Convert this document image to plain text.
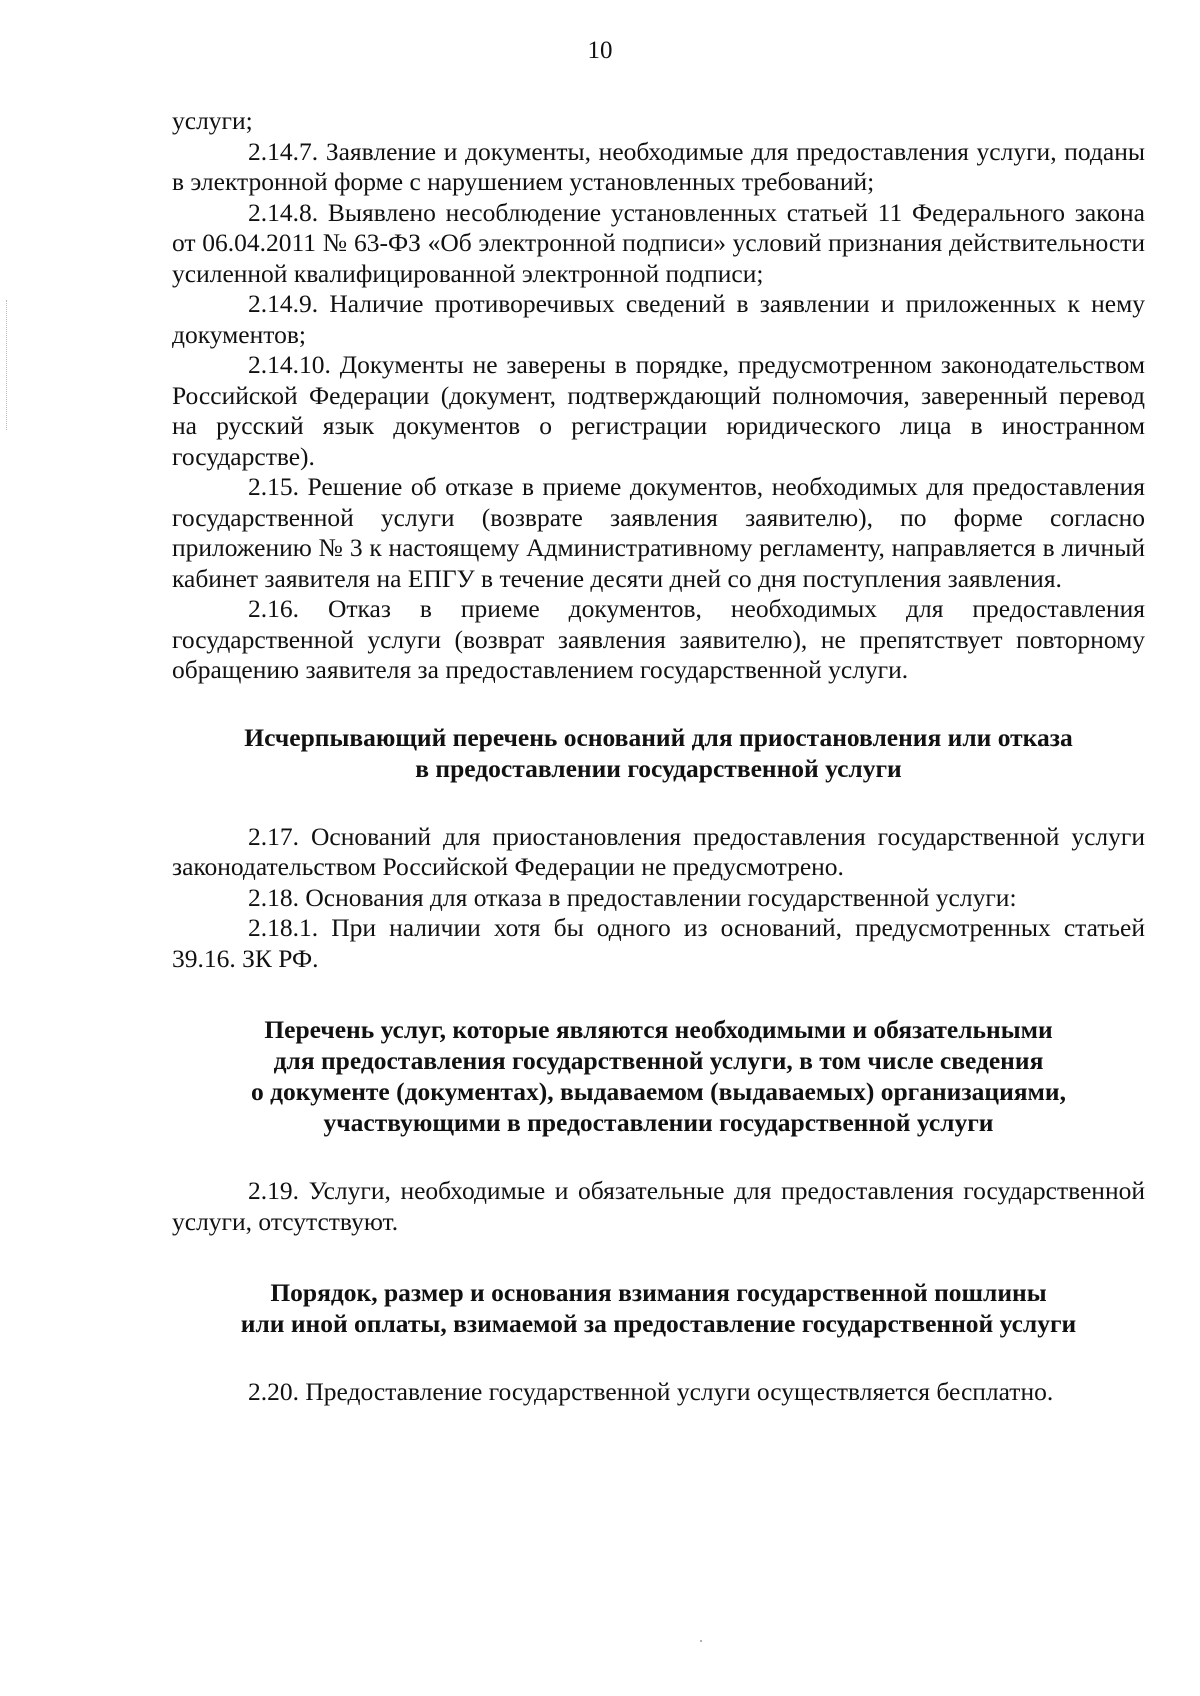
10

услуги;

2.14.7. Заявление и документы, необходимые для предоставления услуги, поданы в электронной форме с нарушением установленных требований;

2.14.8. Выявлено несоблюдение установленных статьей 11 Федерального закона от 06.04.2011 № 63-ФЗ «Об электронной подписи» условий признания действительности усиленной квалифицированной электронной подписи;

2.14.9. Наличие противоречивых сведений в заявлении и приложенных к нему документов;

2.14.10. Документы не заверены в порядке, предусмотренном законодательством Российской Федерации (документ, подтверждающий полномочия, заверенный перевод на русский язык документов о регистрации юридического лица в иностранном государстве).

2.15. Решение об отказе в приеме документов, необходимых для предоставления государственной услуги (возврате заявления заявителю), по форме согласно приложению № 3 к настоящему Административному регламенту, направляется в личный кабинет заявителя на ЕПГУ в течение десяти дней со дня поступления заявления.

2.16. Отказ в приеме документов, необходимых для предоставления государственной услуги (возврат заявления заявителю), не препятствует повторному обращению заявителя за предоставлением государственной услуги.

Исчерпывающий перечень оснований для приостановления или отказа

в предоставлении государственной услуги

2.17. Оснований для приостановления предоставления государственной услуги законодательством Российской Федерации не предусмотрено.

2.18. Основания для отказа в предоставлении государственной услуги:

2.18.1. При наличии хотя бы одного из оснований, предусмотренных статьей 39.16. ЗК РФ.

Перечень услуг, которые являются необходимыми и обязательными

для предоставления государственной услуги, в том числе сведения

о документе (документах), выдаваемом (выдаваемых) организациями,

участвующими в предоставлении государственной услуги

2.19. Услуги, необходимые и обязательные для предоставления государственной услуги, отсутствуют.

Порядок, размер и основания взимания государственной пошлины

или иной оплаты, взимаемой за предоставление государственной услуги

2.20. Предоставление государственной услуги осуществляется бесплатно.
